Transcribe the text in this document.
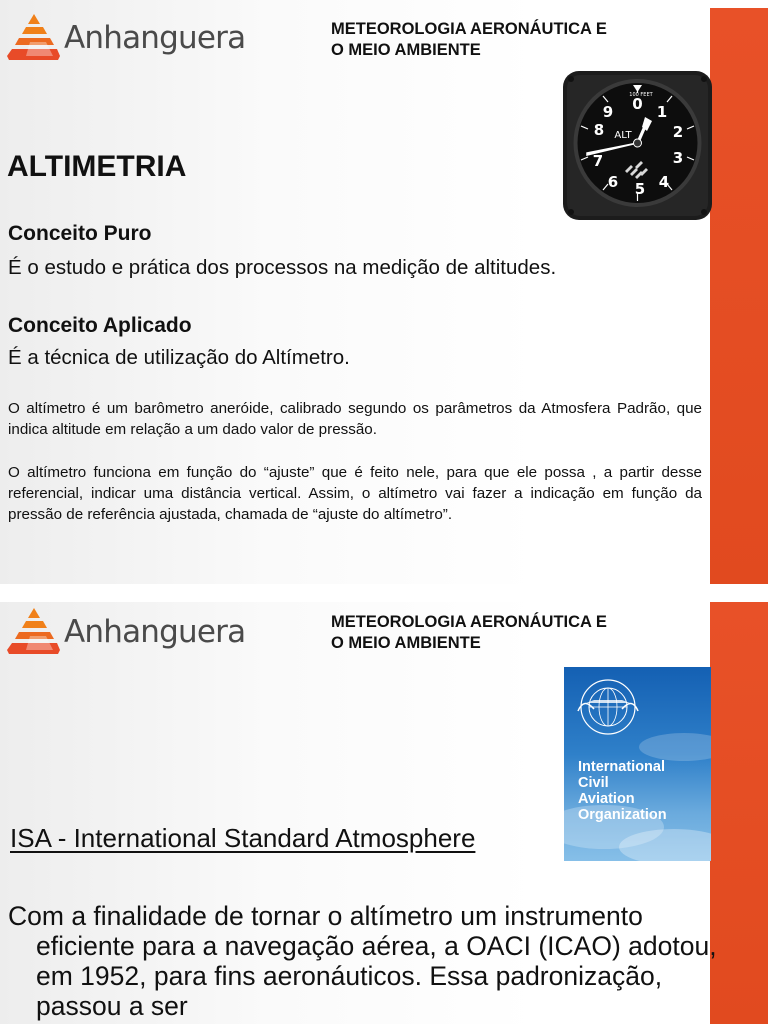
Anhanguera	METEOROLOGIA AERONÁUTICA E
O MEIO AMBIENTE
0 1
2
3
4
5
6
7
8
9
100 FEET
ALT
ALTIMETRIA
Conceito Puro

É o estudo e prática dos processos na medição de altitudes.

Conceito Aplicado

É a técnica de utilização do Altímetro.

O altímetro é um barômetro aneróide, calibrado segundo os parâmetros da Atmosfera Padrão, que indica altitude em relação a um dado valor de pressão.

O altímetro funciona em função do “ajuste” que é feito nele, para que ele possa , a partir desse referencial, indicar uma distância vertical. Assim, o altímetro vai fazer a indicação em função da pressão de referência ajustada, chamada de “ajuste do altímetro”.

Anhanguera	METEOROLOGIA AERONÁUTICA E
O MEIO AMBIENTE
International
Civil
Aviation
Organization

ISA - International Standard Atmosphere

Com a finalidade de tornar o altímetro um instrumento eficiente para a navegação aérea, a OACI (ICAO) adotou, em 1952, para fins aeronáuticos. Essa padronização, passou a ser
